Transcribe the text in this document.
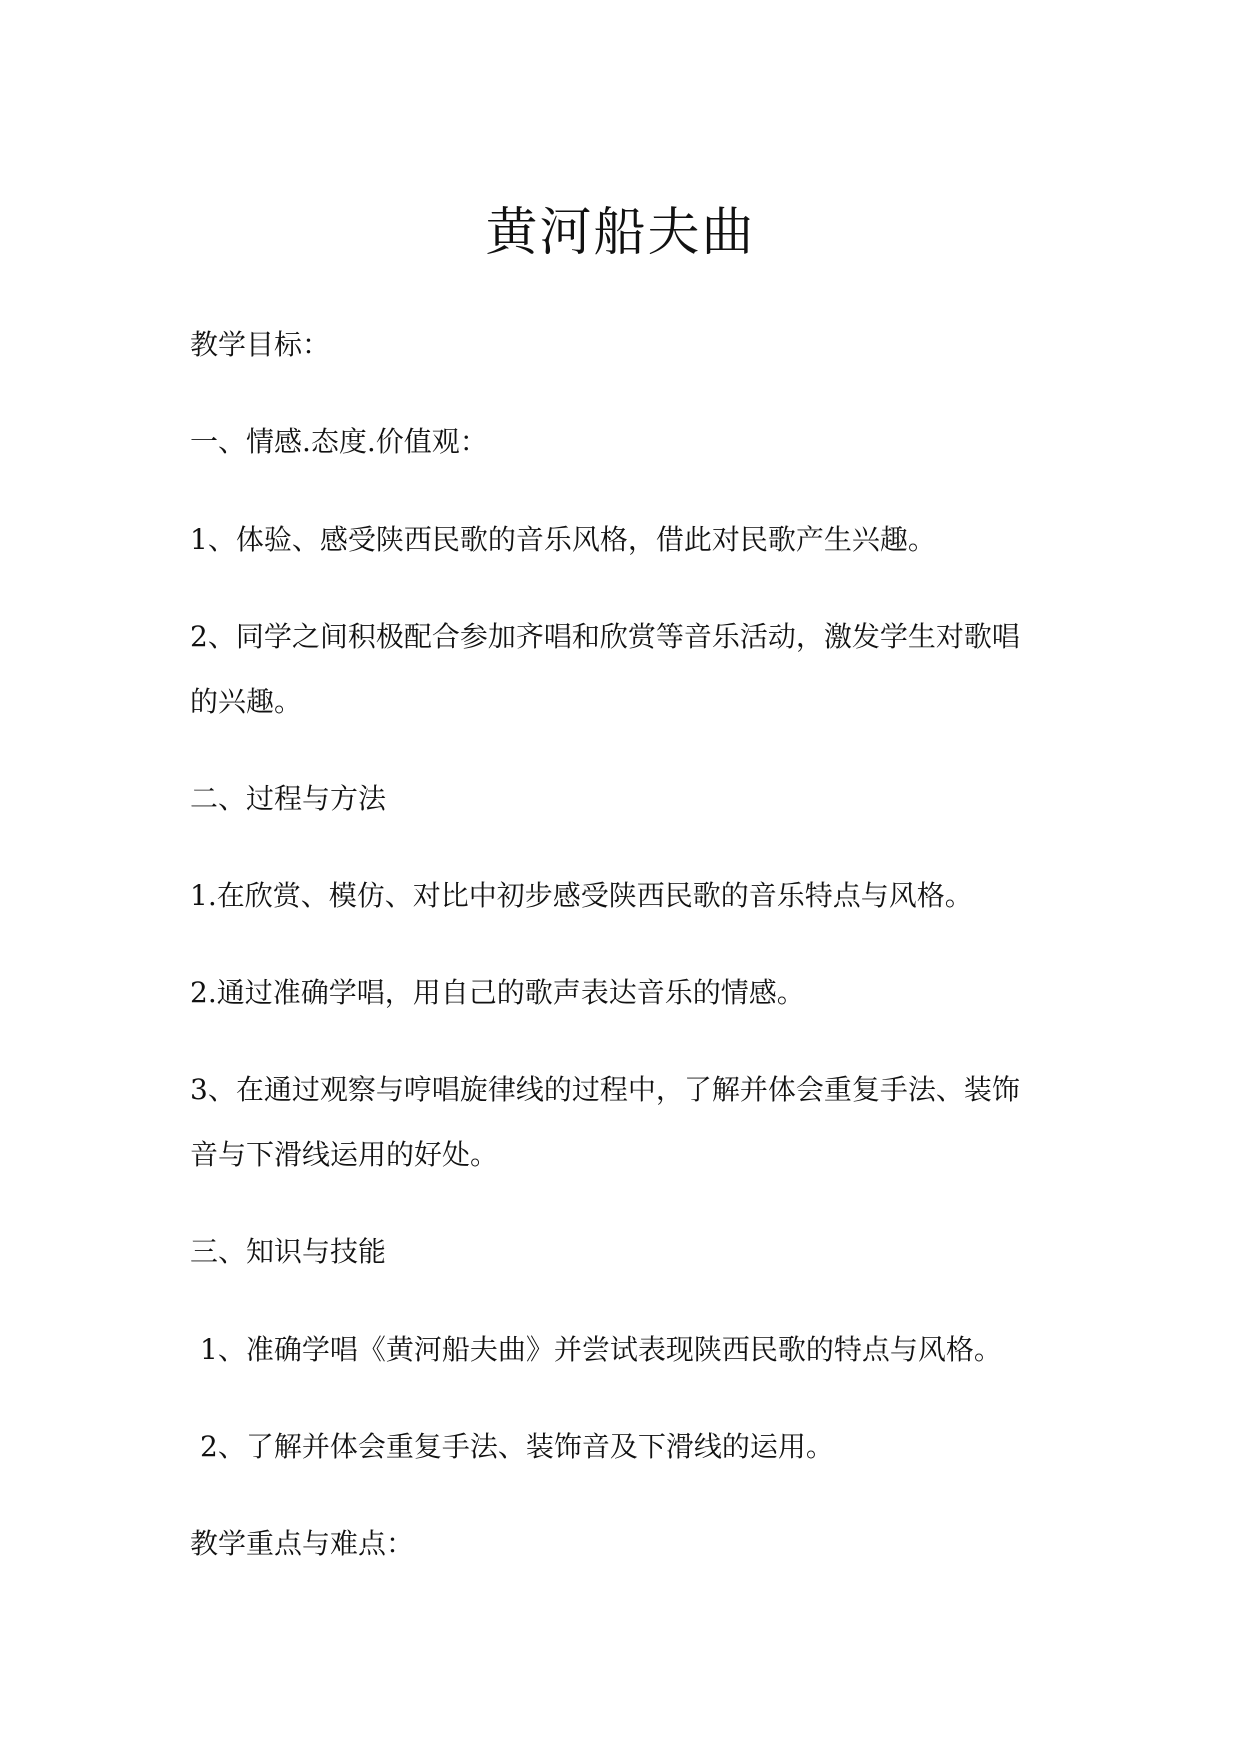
黄河船夫曲
教学目标：
一、情感.态度.价值观：
1、体验、感受陕西民歌的音乐风格，借此对民歌产生兴趣。
2、同学之间积极配合参加齐唱和欣赏等音乐活动，激发学生对歌唱
的兴趣。
二、过程与方法
1.在欣赏、模仿、对比中初步感受陕西民歌的音乐特点与风格。
2.通过准确学唱，用自己的歌声表达音乐的情感。
3、在通过观察与哼唱旋律线的过程中，了解并体会重复手法、装饰
音与下滑线运用的好处。
三、知识与技能
1、准确学唱《黄河船夫曲》并尝试表现陕西民歌的特点与风格。
2、了解并体会重复手法、装饰音及下滑线的运用。
教学重点与难点：
